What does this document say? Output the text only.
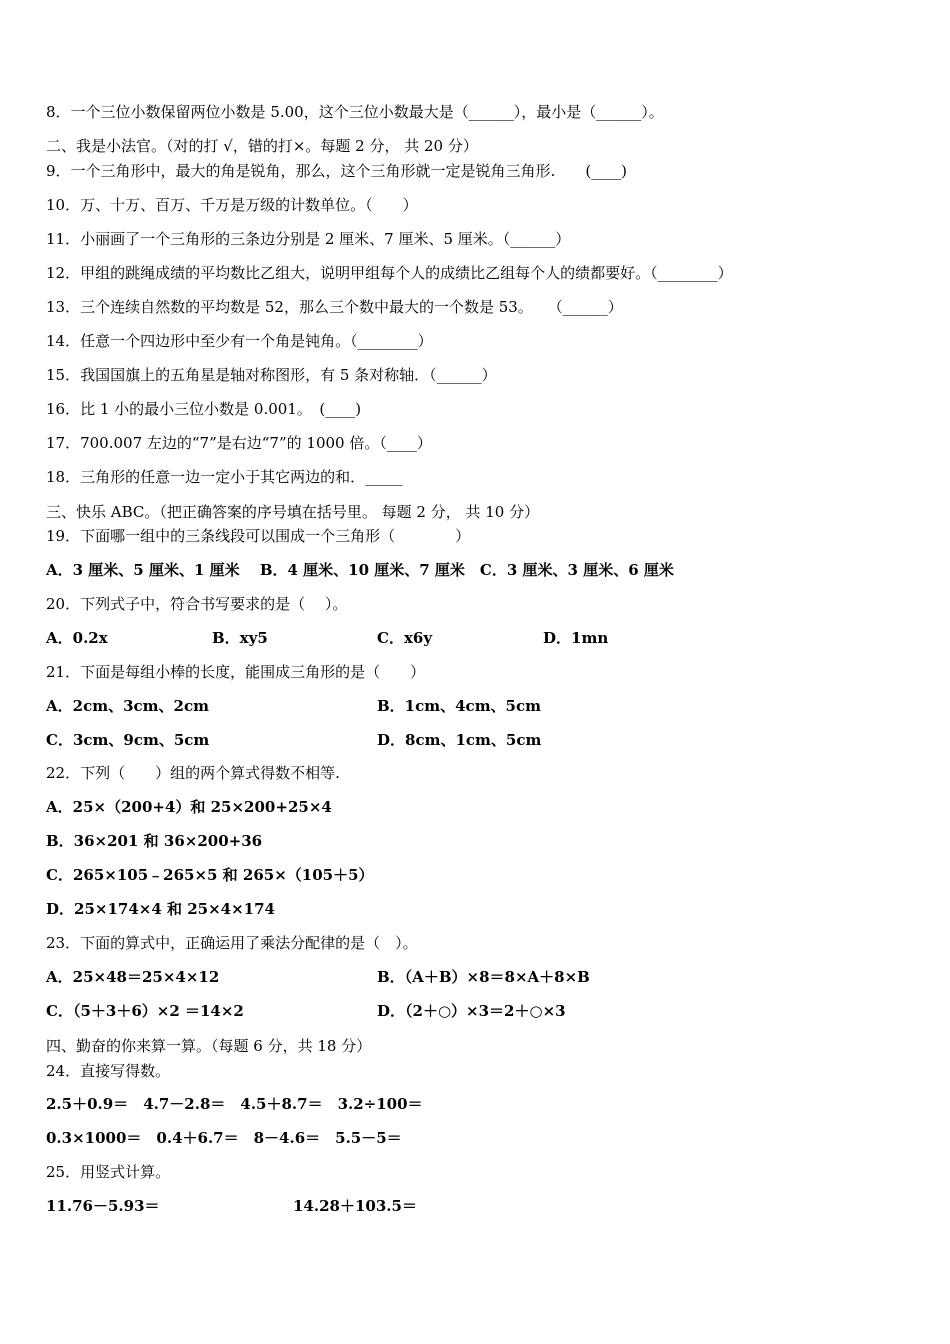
8．一个三位小数保留两位小数是 5.00，这个三位小数最大是（______），最小是（______）。
二、我是小法官。（对的打 √，错的打×。每题 2 分， 共 20 分）
9．一个三角形中，最大的角是锐角，那么，这个三角形就一定是锐角三角形.　　(____)
10．万、十万、百万、千万是万级的计数单位。（　　）
11．小丽画了一个三角形的三条边分别是 2 厘米、7 厘米、5 厘米。（______）
12．甲组的跳绳成绩的平均数比乙组大，说明甲组每个人的成绩比乙组每个人的绩都要好。（________）
13．三个连续自然数的平均数是 52，那么三个数中最大的一个数是 53。　　（______）
14．任意一个四边形中至少有一个角是钝角。（________）
15．我国国旗上的五角星是轴对称图形，有 5 条对称轴．（______）
16．比 1 小的最小三位小数是 0.001。　(____)
17．700.007 左边的“7”是右边“7”的 1000 倍。（____）
18．三角形的任意一边一定小于其它两边的和．_____
三、快乐 ABC。（把正确答案的序号填在括号里。 每题 2 分， 共 10 分）
19．下面哪一组中的三条线段可以围成一个三角形（　　　　）
A．3 厘米、5 厘米、1 厘米　 B．4 厘米、10 厘米、7 厘米　C．3 厘米、3 厘米、6 厘米
20．下列式子中，符合书写要求的是（　 ）。
A．0.2x	B．xy5	C．x6y	D．1mn
21．下面是每组小棒的长度，能围成三角形的是（　　）
A．2cm、3cm、2cm	B．1cm、4cm、5cm
C．3cm、9cm、5cm	D．8cm、1cm、5cm
22．下列（　　）组的两个算式得数不相等.
A．25×（200+4）和 25×200+25×4
B．36×201 和 36×200+36
C．265×105﹣265×5 和 265×（105＋5）
D．25×174×4 和 25×4×174
23．下面的算式中，正确运用了乘法分配律的是（　）。
A．25×48＝25×4×12	B．（A＋B）×8＝8×A＋8×B
C．（5＋3＋6）×2 ＝14×2	D．（2＋○）×3＝2＋○×3
四、勤奋的你来算一算。（每题 6 分，共 18 分）
24．直接写得数。
2.5＋0.9＝　4.7－2.8＝　4.5＋8.7＝　3.2÷100＝
0.3×1000＝　0.4＋6.7＝　8－4.6＝　5.5－5＝
25．用竖式计算。
11.76－5.93＝	14.28＋103.5＝
